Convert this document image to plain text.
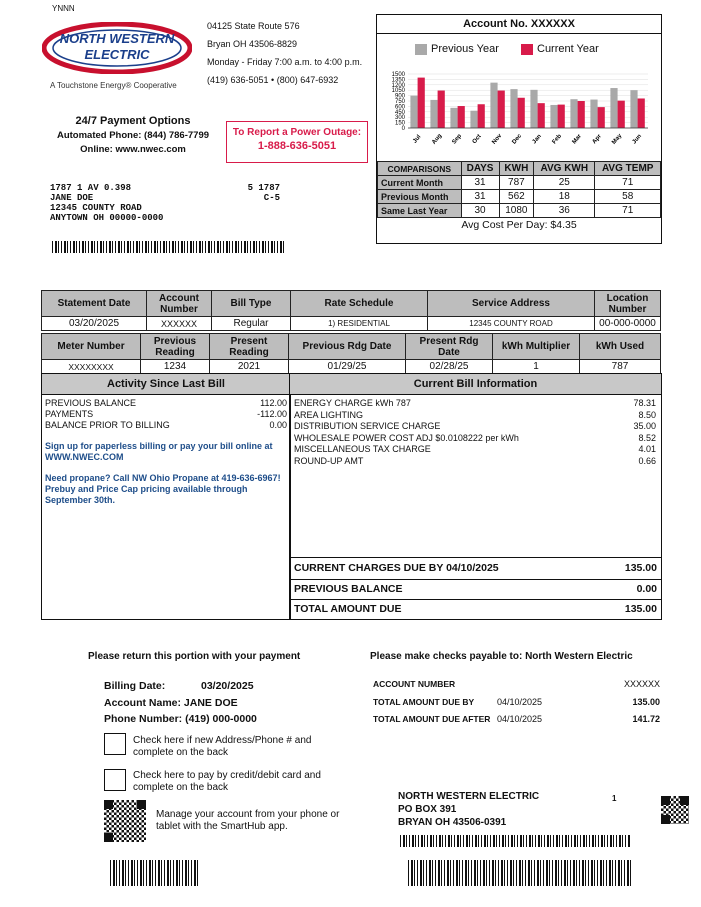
YNNN
NORTH WESTERN
ELECTRIC
A Touchstone Energy® Cooperative
04125 State Route 576
Bryan OH 43506-8829
Monday - Friday 7:00 a.m. to 4:00 p.m.
(419) 636-5051 • (800) 647-6932
24/7 Payment Options
Automated Phone: (844) 786-7799
Online: www.nwec.com
To Report a Power Outage:
1-888-636-5051
1787 1 AV 0.398
JANE DOE
12345 COUNTY ROAD
ANYTOWN OH 00000-0000
5 1787
C-5
Account No. XXXXXX
Previous Year	Current Year
1500
1350
1200
1050
900
750
600
450
300
150
0
Jul Aug Sep Oct Nov Dec Jan Feb Mar Apr May Jun
COMPARISONS	DAYS	KWH	AVG KWH	AVG TEMP
Current Month	31	787	25	71
Previous Month	31	562	18	58
Same Last Year	30	1080	36	71
Avg Cost Per Day: $4.35				
Statement Date	Account Number	Bill Type	Rate Schedule	Service Address	Location Number
03/20/2025	XXXXXX	Regular	1) RESIDENTIAL	12345 COUNTY ROAD	00-000-0000
Meter Number	Previous Reading	Present Reading	Previous Rdg Date	Present Rdg Date	kWh Multiplier	kWh Used
XXXXXXXX	1234	2021	01/29/25	02/28/25	1	787
Activity Since Last Bill
PREVIOUS BALANCE	112.00
PAYMENTS	-112.00
BALANCE PRIOR TO BILLING	0.00
Sign up for paperless billing or pay your bill online at WWW.NWEC.COM
Need propane? Call NW Ohio Propane at 419-636-6967! Prebuy and Price Cap pricing available through September 30th.
Current Bill Information
ENERGY CHARGE kWh 787	78.31
AREA LIGHTING	8.50
DISTRIBUTION SERVICE CHARGE	35.00
WHOLESALE POWER COST ADJ $0.0108222 per kWh	8.52
MISCELLANEOUS TAX CHARGE	4.01
ROUND-UP AMT	0.66
CURRENT CHARGES DUE BY 04/10/2025	135.00
PREVIOUS BALANCE	0.00
TOTAL AMOUNT DUE	135.00
Please return this portion with your payment	Please make checks payable to: North Western Electric
Billing Date:	03/20/2025
Account Name: JANE DOE
Phone Number: (419) 000-0000
Check here if new Address/Phone # and complete on the back
Check here to pay by credit/debit card and complete on the back
Manage your account from your phone or tablet with the SmartHub app.
ACCOUNT NUMBER	XXXXXX
TOTAL AMOUNT DUE BY	04/10/2025	135.00
TOTAL AMOUNT DUE AFTER 04/10/2025	141.72
NORTH WESTERN ELECTRIC
PO BOX 391
BRYAN OH 43506-0391
1
